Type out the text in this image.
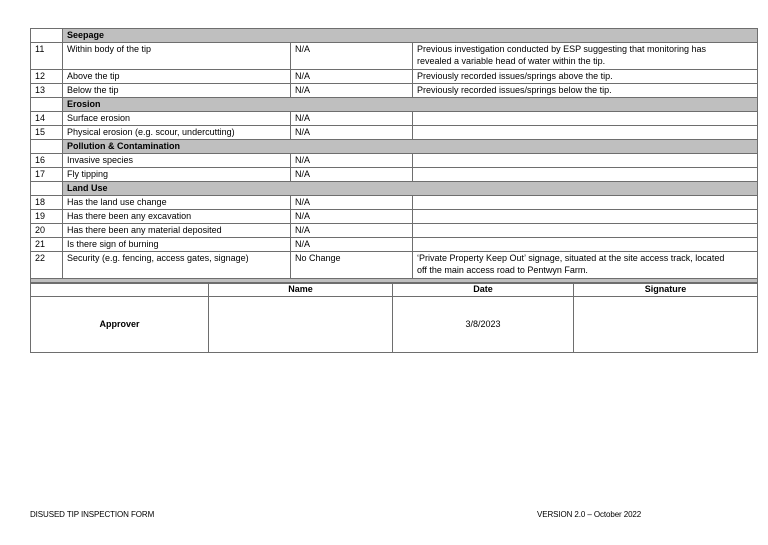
	Seepage		
11	Within body of the tip	N/A	Previous investigation conducted by ESP suggesting that monitoring has revealed a variable head of water within the tip.
12	Above the tip	N/A	Previously recorded issues/springs above the tip.
13	Below the tip	N/A	Previously recorded issues/springs below the tip.
	Erosion		
14	Surface erosion	N/A	
15	Physical erosion (e.g. scour, undercutting)	N/A	
	Pollution & Contamination		
16	Invasive species	N/A	
17	Fly tipping	N/A	
	Land Use		
18	Has the land use change	N/A	
19	Has there been any excavation	N/A	
20	Has there been any material deposited	N/A	
21	Is there sign of burning	N/A	
22	Security (e.g. fencing, access gates, signage)	No Change	‘Private Property Keep Out’ signage, situated at the site access track, located off the main access road to Pentwyn Farm.

	Name	Date	Signature
Approver		3/8/2023	
DISUSED TIP INSPECTION FORM	VERSION 2.0 – October 2022
